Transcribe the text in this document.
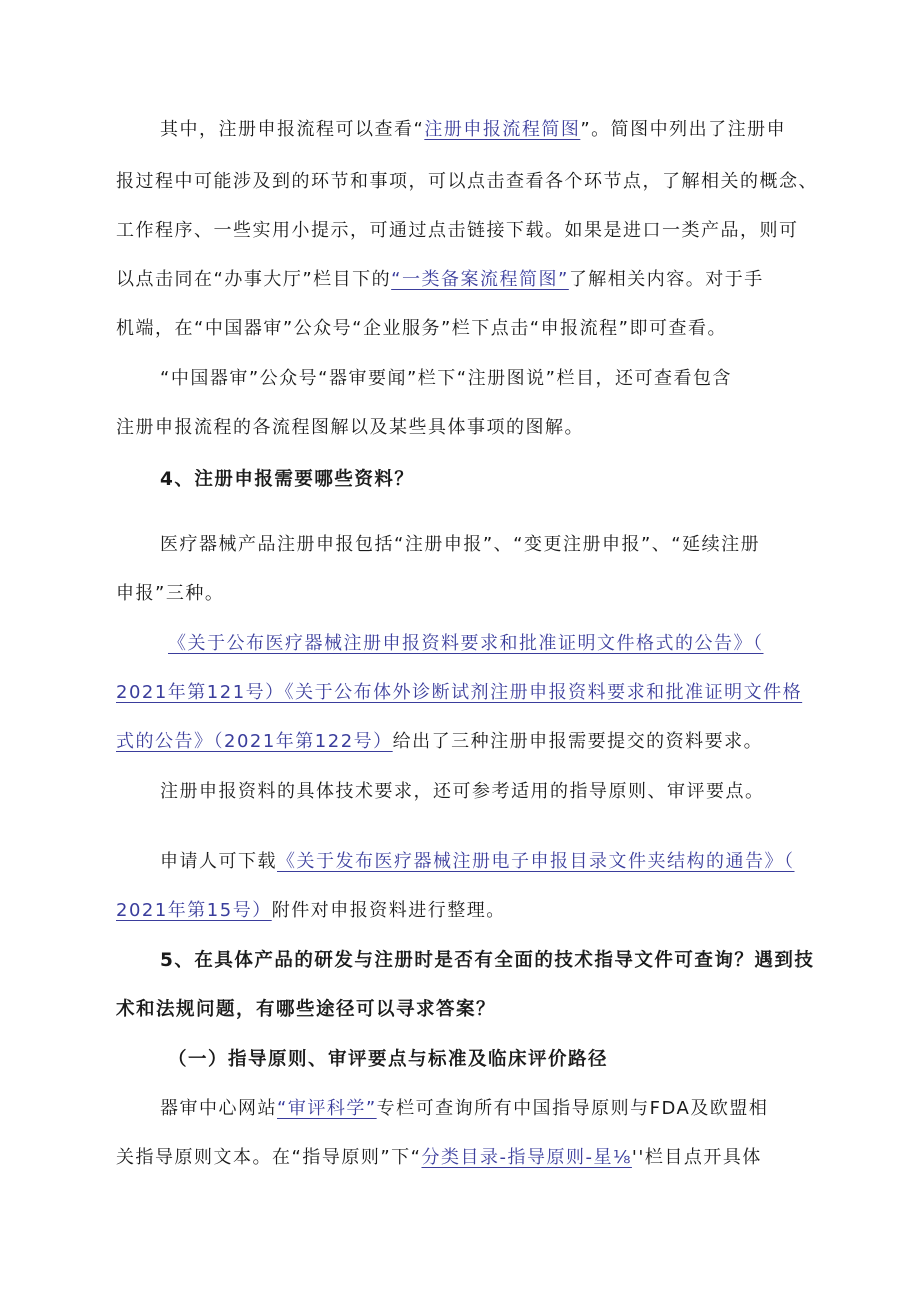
其中，注册申报流程可以查看“注册申报流程简图”。简图中列出了注册申
报过程中可能涉及到的环节和事项，可以点击查看各个环节点，了解相关的概念、
工作程序、一些实用小提示，可通过点击链接下载。如果是进口一类产品，则可
以点击同在“办事大厅”栏目下的“一类备案流程简图”了解相关内容。对于手
机端，在“中国器审”公众号“企业服务”栏下点击“申报流程”即可查看。
“中国器审”公众号“器审要闻”栏下“注册图说”栏目，还可查看包含
注册申报流程的各流程图解以及某些具体事项的图解。
4、注册申报需要哪些资料？
医疗器械产品注册申报包括“注册申报”、“变更注册申报”、“延续注册
申报”三种。
《关于公布医疗器械注册申报资料要求和批准证明文件格式的公告》（
2021年第121号）《关于公布体外诊断试剂注册申报资料要求和批准证明文件格
式的公告》（2021年第122号）给出了三种注册申报需要提交的资料要求。
注册申报资料的具体技术要求，还可参考适用的指导原则、审评要点。
申请人可下载《关于发布医疗器械注册电子申报目录文件夹结构的通告》（
2021年第15号）附件对申报资料进行整理。
5、在具体产品的研发与注册时是否有全面的技术指导文件可查询？遇到技
术和法规问题，有哪些途径可以寻求答案？
（一）指导原则、审评要点与标准及临床评价路径
器审中心网站“审评科学”专栏可查询所有中国指导原则与FDA及欧盟相
关指导原则文本。在“指导原则”下“分类目录-指导原则-星⅛''栏目点开具体
